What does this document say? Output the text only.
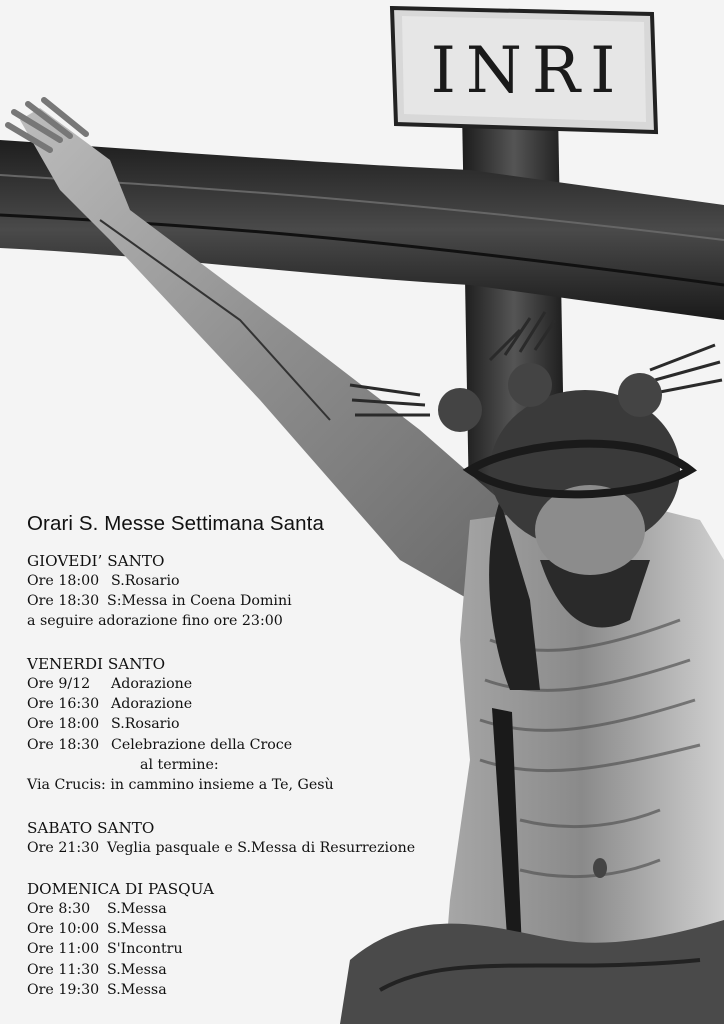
INRI
Orari S. Messe Settimana Santa
GIOVEDI’ SANTO
Ore 18:00 S.Rosario
Ore 18:30 S:Messa in Coena Domini
a seguire adorazione fino ore 23:00
VENERDI SANTO
Ore 9/12 Adorazione
Ore 16:30 Adorazione
Ore 18:00 S.Rosario
Ore 18:30 Celebrazione della Croce
al termine:
Via Crucis: in cammino insieme a Te, Gesù
SABATO SANTO
Ore 21:30 Veglia pasquale e S.Messa di Resurrezione
DOMENICA DI PASQUA
Ore 8:30 S.Messa
Ore 10:00 S.Messa
Ore 11:00 S'Incontru
Ore 11:30 S.Messa
Ore 19:30 S.Messa
